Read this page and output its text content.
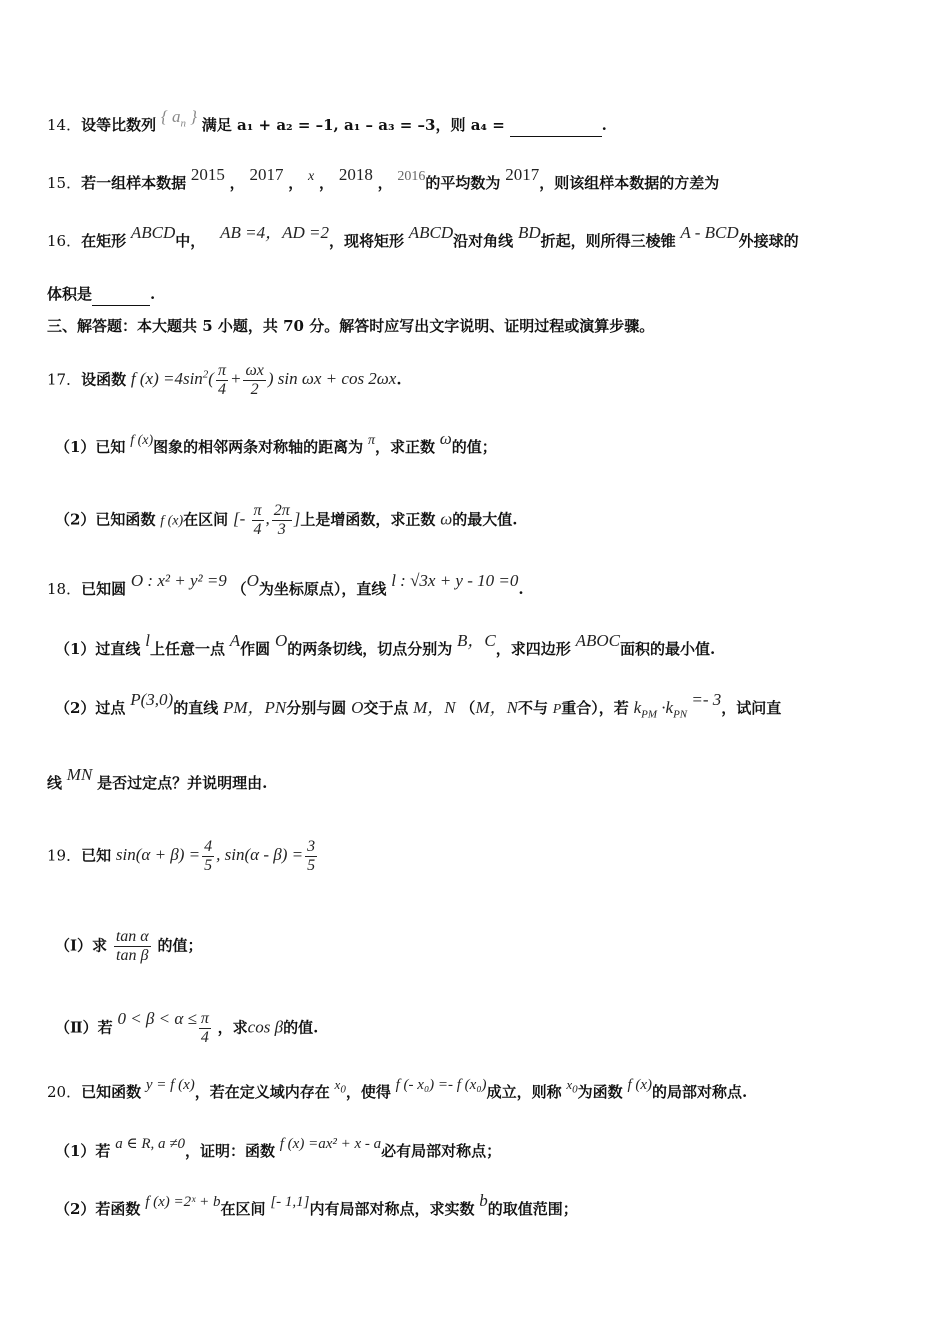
14．设等比数列 { $a_n$ } 满足 a₁ + a₂ = –1, a₁ – a₃ = –3，则 a₄ =	.
15．若一组样本数据 2015 ， 2017 ， x ， 2018 ， 2016的平均数为 2017，则该组样本数据的方差为
16．在矩形 ABCD中， AB =4，AD =2，现将矩形 ABCD沿对角线 BD折起，则所得三棱锥 A - BCD外接球的
体积是	.
三、解答题：本大题共 5 小题，共 70 分。解答时应写出文字说明、证明过程或演算步骤。
17．设函数 f $(x) =4\sin^2( \frac{\pi}{4} + \frac{\omega x}{2}$ ) sin ωx + cos 2ωx.
（1）已知 f (x)图象的相邻两条对称轴的距离为 π，求正数 ω的值；
（2）已知函数 f (x)在区间 [- $\frac{\pi}{4}$ , $\frac{2\pi}{3}$ ]上是增函数，求正数 ω的最大值.
18．已知圆 O : x² + y² =9 （O为坐标原点），直线 l : √3x + y - 10 =0.
（1）过直线 l上任意一点 A作圆 O的两条切线，切点分别为 B，C，求四边形 ABOC面积的最小值.
（2）过点 P(3,0)的直线 PM，PN分别与圆 O交于点 M，N （M，N不与 P重合），若 $k_{PM} \cdot k_{PN} =- 3$，试问直
线 MN 是否过定点？并说明理由.
19．已知 $\sin(\alpha + \beta) = \frac{4}{5}$ , $\sin(\alpha - \beta) = \frac{3}{5}$
（Ⅰ）求 $\frac{\text{tan α}}{\text{tan β}}$ 的值；
（Ⅱ）若 $0 < \beta < \alpha \le \frac{\pi}{4}$ ，求cos β的值.
20．已知函数 y = f (x)，若在定义域内存在 $x_0$，使得 f (- x₀) =- f (x₀)成立，则称 $x_0$为函数 f (x)的局部对称点.
（1）若 a ∈ R, a ≠0，证明：函数 f (x) =ax² + x - a必有局部对称点；
（2）若函数 f (x) =2ˣ + b在区间 [- 1,1]内有局部对称点，求实数 b的取值范围；
